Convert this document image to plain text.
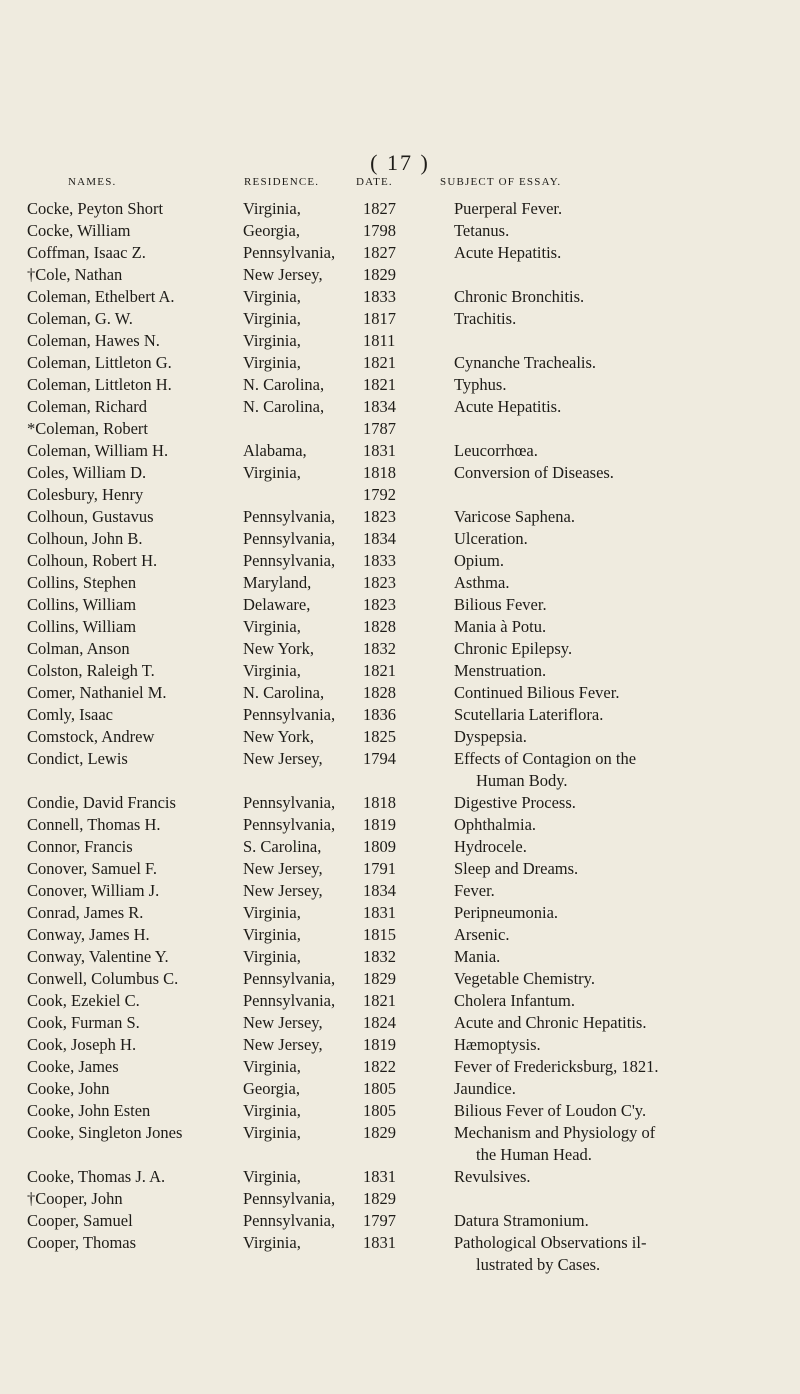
( 17 )
NAMES.	RESIDENCE.	DATE.	SUBJECT OF ESSAY.
Cocke, Peyton Short	Virginia,	1827	Puerperal Fever.
Cocke, William	Georgia,	1798	Tetanus.
Coffman, Isaac Z.	Pennsylvania, 1827	Acute Hepatitis.
†Cole, Nathan	New Jersey, 1829
Coleman, Ethelbert A.	Virginia,	1833	Chronic Bronchitis.
Coleman, G. W.	Virginia,	1817	Trachitis.
Coleman, Hawes N.	Virginia,	1811
Coleman, Littleton G.	Virginia,	1821	Cynanche Trachealis.
Coleman, Littleton H.	N. Carolina, 1821	Typhus.
Coleman, Richard	N. Carolina, 1834	Acute Hepatitis.
*Coleman, Robert	1787
Coleman, William H.	Alabama,	1831	Leucorrhœa.
Coles, William D.	Virginia,	1818	Conversion of Diseases.
Colesbury, Henry	1792
Colhoun, Gustavus	Pennsylvania, 1823	Varicose Saphena.
Colhoun, John B.	Pennsylvania, 1834	Ulceration.
Colhoun, Robert H.	Pennsylvania, 1833	Opium.
Collins, Stephen	Maryland,	1823	Asthma.
Collins, William	Delaware,	1823	Bilious Fever.
Collins, William	Virginia,	1828	Mania à Potu.
Colman, Anson	New York,	1832	Chronic Epilepsy.
Colston, Raleigh T.	Virginia,	1821	Menstruation.
Comer, Nathaniel M.	N. Carolina, 1828	Continued Bilious Fever.
Comly, Isaac	Pennsylvania, 1836	Scutellaria Lateriflora.
Comstock, Andrew	New York,	1825	Dyspepsia.
Condict, Lewis	New Jersey, 1794	Effects of Contagion on the
Human Body.
Condie, David Francis	Pennsylvania, 1818	Digestive Process.
Connell, Thomas H.	Pennsylvania, 1819	Ophthalmia.
Connor, Francis	S. Carolina,	1809	Hydrocele.
Conover, Samuel F.	New Jersey, 1791	Sleep and Dreams.
Conover, William J.	New Jersey, 1834	Fever.
Conrad, James R.	Virginia,	1831	Peripneumonia.
Conway, James H.	Virginia,	1815	Arsenic.
Conway, Valentine Y.	Virginia,	1832	Mania.
Conwell, Columbus C.	Pennsylvania, 1829	Vegetable Chemistry.
Cook, Ezekiel C.	Pennsylvania, 1821	Cholera Infantum.
Cook, Furman S.	New Jersey, 1824	Acute and Chronic Hepatitis.
Cook, Joseph H.	New Jersey, 1819	Hæmoptysis.
Cooke, James	Virginia,	1822	Fever of Fredericksburg, 1821.
Cooke, John	Georgia,	1805	Jaundice.
Cooke, John Esten	Virginia,	1805	Bilious Fever of Loudon C'y.
Cooke, Singleton Jones	Virginia,	1829	Mechanism and Physiology of
the Human Head.
Cooke, Thomas J. A.	Virginia,	1831	Revulsives.
†Cooper, John	Pennsylvania, 1829
Cooper, Samuel	Pennsylvania, 1797	Datura Stramonium.
Cooper, Thomas	Virginia,	1831	Pathological Observations il-
lustrated by Cases.
